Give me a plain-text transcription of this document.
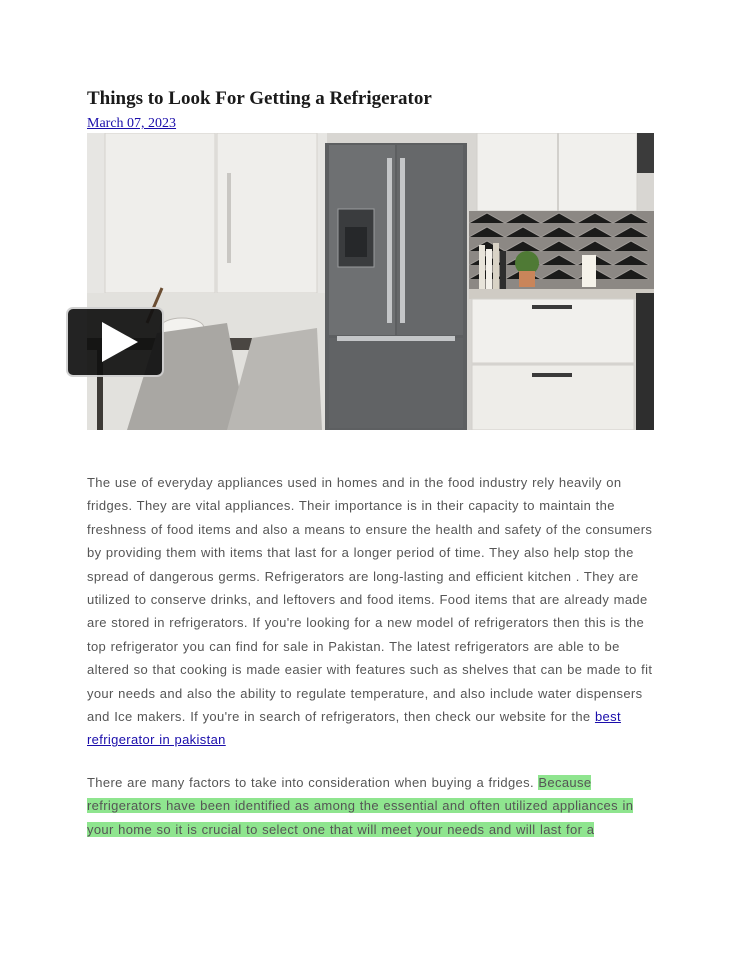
Things to Look For Getting a Refrigerator
March 07, 2023

The use of everyday appliances used in homes and in the food industry rely heavily on fridges. They are vital appliances. Their importance is in their capacity to maintain the freshness of food items and also a means to ensure the health and safety of the consumers by providing them with items that last for a longer period of time. They also help stop the spread of dangerous germs. Refrigerators are long-lasting and efficient kitchen . They are utilized to conserve drinks, and leftovers and food items. Food items that are already made are stored in refrigerators. If you're looking for a new model of refrigerators then this is the top refrigerator you can find for sale in Pakistan. The latest refrigerators are able to be altered so that cooking is made easier with features such as shelves that can be made to fit your needs and also the ability to regulate temperature, and also include water dispensers and Ice makers. If you're in search of refrigerators, then check our website for the best refrigerator in pakistan

There are many factors to take into consideration when buying a fridges. Because refrigerators have been identified as among the essential and often utilized appliances in your home so it is crucial to select one that will meet your needs and will last for a
